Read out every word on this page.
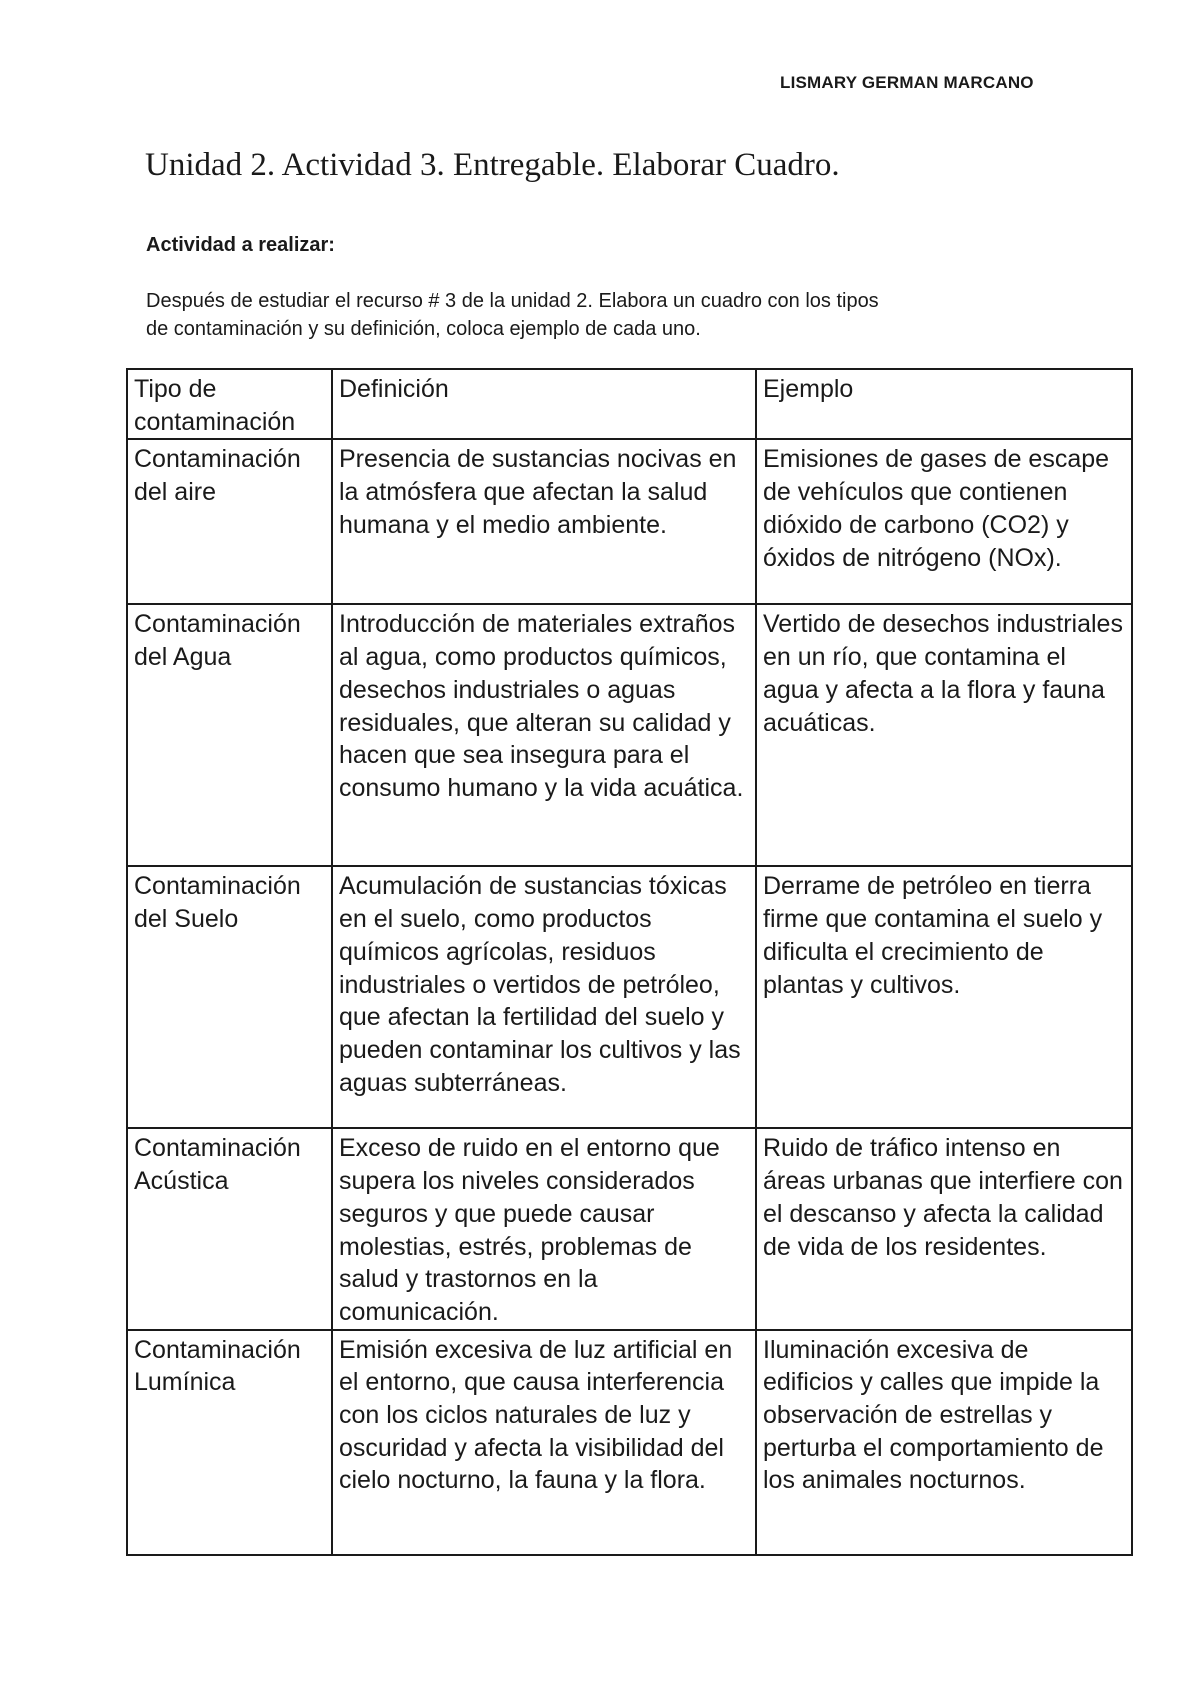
LISMARY GERMAN MARCANO
Unidad 2. Actividad 3. Entregable. Elaborar Cuadro.
Actividad a realizar:
Después de estudiar el recurso # 3 de la unidad 2. Elabora un cuadro con los tipos
de contaminación y su definición, coloca ejemplo de cada uno.
Tipo de contaminación	Definición	Ejemplo
Contaminación del aire	Presencia de sustancias nocivas en la atmósfera que afectan la salud humana y el medio ambiente.	Emisiones de gases de escape de vehículos que contienen dióxido de carbono (CO2) y óxidos de nitrógeno (NOx).
Contaminación del Agua	Introducción de materiales extraños al agua, como productos químicos, desechos industriales o aguas residuales, que alteran su calidad y hacen que sea insegura para el consumo humano y la vida acuática.	Vertido de desechos industriales en un río, que contamina el agua y afecta a la flora y fauna acuáticas.
Contaminación del Suelo	Acumulación de sustancias tóxicas en el suelo, como productos químicos agrícolas, residuos industriales o vertidos de petróleo, que afectan la fertilidad del suelo y pueden contaminar los cultivos y las aguas subterráneas.	Derrame de petróleo en tierra firme que contamina el suelo y dificulta el crecimiento de plantas y cultivos.
Contaminación Acústica	Exceso de ruido en el entorno que supera los niveles considerados seguros y que puede causar molestias, estrés, problemas de salud y trastornos en la comunicación.	Ruido de tráfico intenso en áreas urbanas que interfiere con el descanso y afecta la calidad de vida de los residentes.
Contaminación Lumínica	Emisión excesiva de luz artificial en el entorno, que causa interferencia con los ciclos naturales de luz y oscuridad y afecta la visibilidad del cielo nocturno, la fauna y la flora.	Iluminación excesiva de edificios y calles que impide la observación de estrellas y perturba el comportamiento de los animales nocturnos.
